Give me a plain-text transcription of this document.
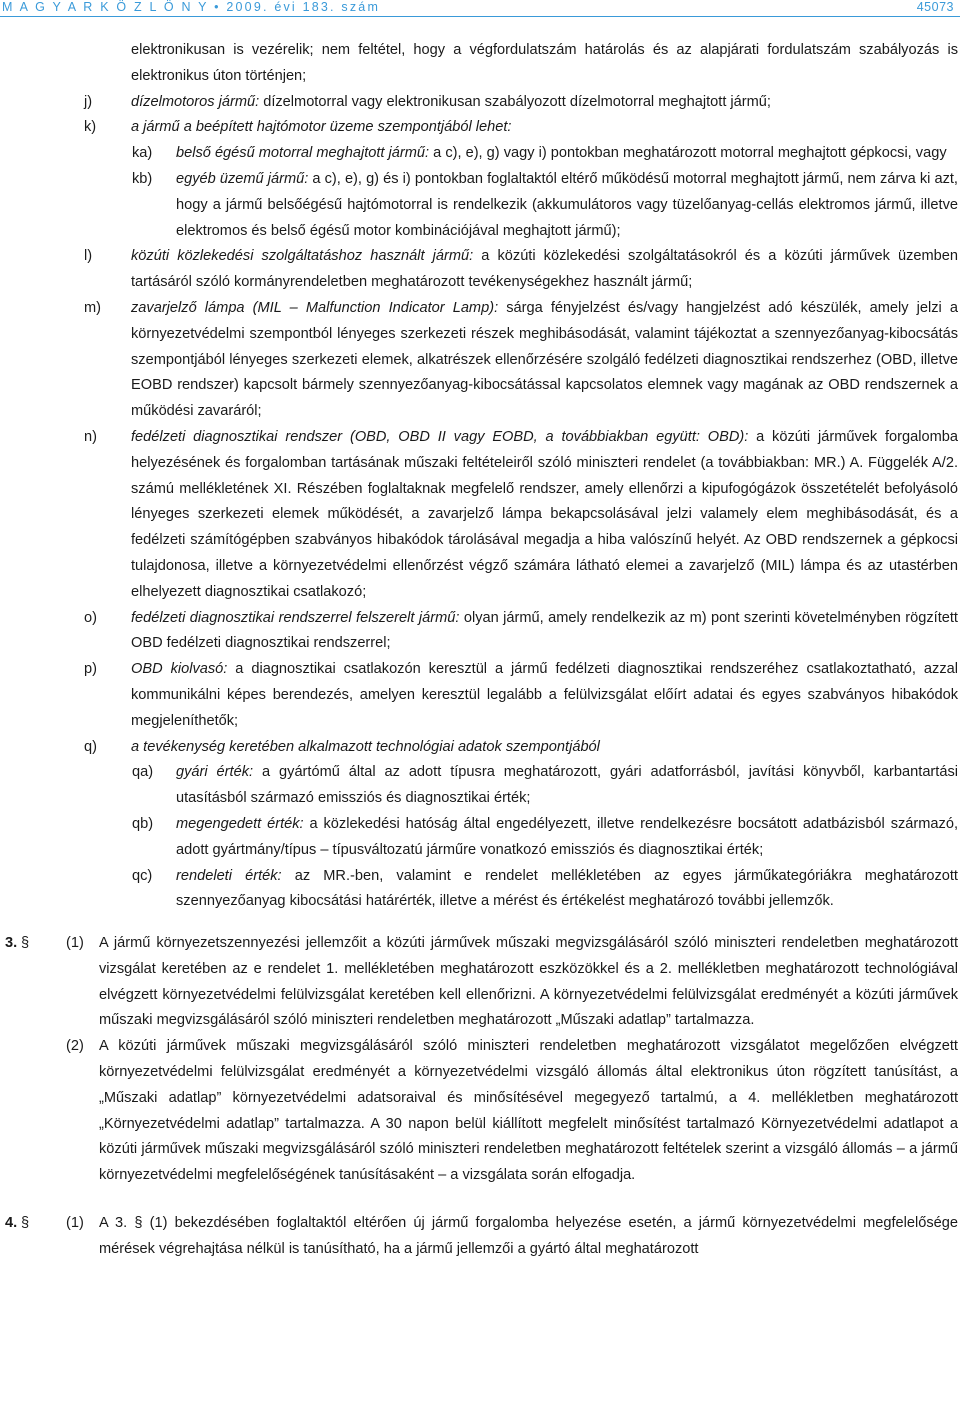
M A G Y A R K Ö Z L Ö N Y • 2009. évi 183. szám	45073
elektronikusan is vezérelik; nem feltétel, hogy a végfordulatszám határolás és az alapjárati fordulatszám szabályozás is elektronikus úton történjen;
j)	dízelmotoros jármű: dízelmotorral vagy elektronikusan szabályozott dízelmotorral meghajtott jármű;
k) a jármű a beépített hajtómotor üzeme szempontjából lehet:
ka) belső égésű motorral meghajtott jármű: a c), e), g) vagy i) pontokban meghatározott motorral meghajtott gépkocsi, vagy
kb) egyéb üzemű jármű: a c), e), g) és i) pontokban foglaltaktól eltérő működésű motorral meghajtott jármű, nem zárva ki azt, hogy a jármű belsőégésű hajtómotorral is rendelkezik (akkumulátoros vagy tüzelőanyag-cellás elektromos jármű, illetve elektromos és belső égésű motor kombinációjával meghajtott jármű);
l)	közúti közlekedési szolgáltatáshoz használt jármű: a közúti közlekedési szolgáltatásokról és a közúti járművek üzemben tartásáról szóló kormányrendeletben meghatározott tevékenységekhez használt jármű;
m) zavarjelző lámpa (MIL – Malfunction Indicator Lamp): sárga fényjelzést és/vagy hangjelzést adó készülék, amely jelzi a környezetvédelmi szempontból lényeges szerkezeti részek meghibásodását, valamint tájékoztat a szennyezőanyag-kibocsátás szempontjából lényeges szerkezeti elemek, alkatrészek ellenőrzésére szolgáló fedélzeti diagnosztikai rendszerhez (OBD, illetve EOBD rendszer) kapcsolt bármely szennyezőanyag-kibocsátással kapcsolatos elemnek vagy magának az OBD rendszernek a működési zavaráról;
n) fedélzeti diagnosztikai rendszer (OBD, OBD II vagy EOBD, a továbbiakban együtt: OBD): a közúti járművek forgalomba helyezésének és forgalomban tartásának műszaki feltételeiről szóló miniszteri rendelet (a továbbiakban: MR.) A. Függelék A/2. számú mellékletének XI. Részében foglaltaknak megfelelő rendszer, amely ellenőrzi a kipufogógázok összetételét befolyásoló lényeges szerkezeti elemek működését, a zavarjelző lámpa bekapcsolásával jelzi valamely elem meghibásodását, és a fedélzeti számítógépben szabványos hibakódok tárolásával megadja a hiba valószínű helyét. Az OBD rendszernek a gépkocsi tulajdonosa, illetve a környezetvédelmi ellenőrzést végző számára látható elemei a zavarjelző (MIL) lámpa és az utastérben elhelyezett diagnosztikai csatlakozó;
o) fedélzeti diagnosztikai rendszerrel felszerelt jármű: olyan jármű, amely rendelkezik az m) pont szerinti követelményben rögzített OBD fedélzeti diagnosztikai rendszerrel;
p) OBD kiolvasó: a diagnosztikai csatlakozón keresztül a jármű fedélzeti diagnosztikai rendszeréhez csatlakoztatható, azzal kommunikálni képes berendezés, amelyen keresztül legalább a felülvizsgálat előírt adatai és egyes szabványos hibakódok megjeleníthetők;
q) a tevékenység keretében alkalmazott technológiai adatok szempontjából
qa) gyári érték: a gyártómű által az adott típusra meghatározott, gyári adatforrásból, javítási könyvből, karbantartási utasításból származó emissziós és diagnosztikai érték;
qb) megengedett érték: a közlekedési hatóság által engedélyezett, illetve rendelkezésre bocsátott adatbázisból származó, adott gyártmány/típus – típusváltozatú járműre vonatkozó emissziós és diagnosztikai érték;
qc) rendeleti érték: az MR.-ben, valamint e rendelet mellékletében az egyes járműkategóriákra meghatározott szennyezőanyag kibocsátási határérték, illetve a mérést és értékelést meghatározó további jellemzők.
3. §	(1) A jármű környezetszennyezési jellemzőit a közúti járművek műszaki megvizsgálásáról szóló miniszteri rendeletben meghatározott vizsgálat keretében az e rendelet 1. mellékletében meghatározott eszközökkel és a 2. mellékletben meghatározott technológiával elvégzett környezetvédelmi felülvizsgálat keretében kell ellenőrizni. A környezetvédelmi felülvizsgálat eredményét a közúti járművek műszaki megvizsgálásáról szóló miniszteri rendeletben meghatározott „Műszaki adatlap” tartalmazza.
(2) A közúti járművek műszaki megvizsgálásáról szóló miniszteri rendeletben meghatározott vizsgálatot megelőzően elvégzett környezetvédelmi felülvizsgálat eredményét a környezetvédelmi vizsgáló állomás által elektronikus úton rögzített tanúsítást, a „Műszaki adatlap” környezetvédelmi adatsoraival és minősítésével megegyező tartalmú, a 4. mellékletben meghatározott „Környezetvédelmi adatlap” tartalmazza. A 30 napon belül kiállított megfelelt minősítést tartalmazó Környezetvédelmi adatlapot a közúti járművek műszaki megvizsgálásáról szóló miniszteri rendeletben meghatározott feltételek szerint a vizsgáló állomás – a jármű környezetvédelmi megfelelőségének tanúsításaként – a vizsgálata során elfogadja.
4. §	(1) A 3. § (1) bekezdésében foglaltaktól eltérően új jármű forgalomba helyezése esetén, a jármű környezetvédelmi megfelelősége mérések végrehajtása nélkül is tanúsítható, ha a jármű jellemzői a gyártó által meghatározott
